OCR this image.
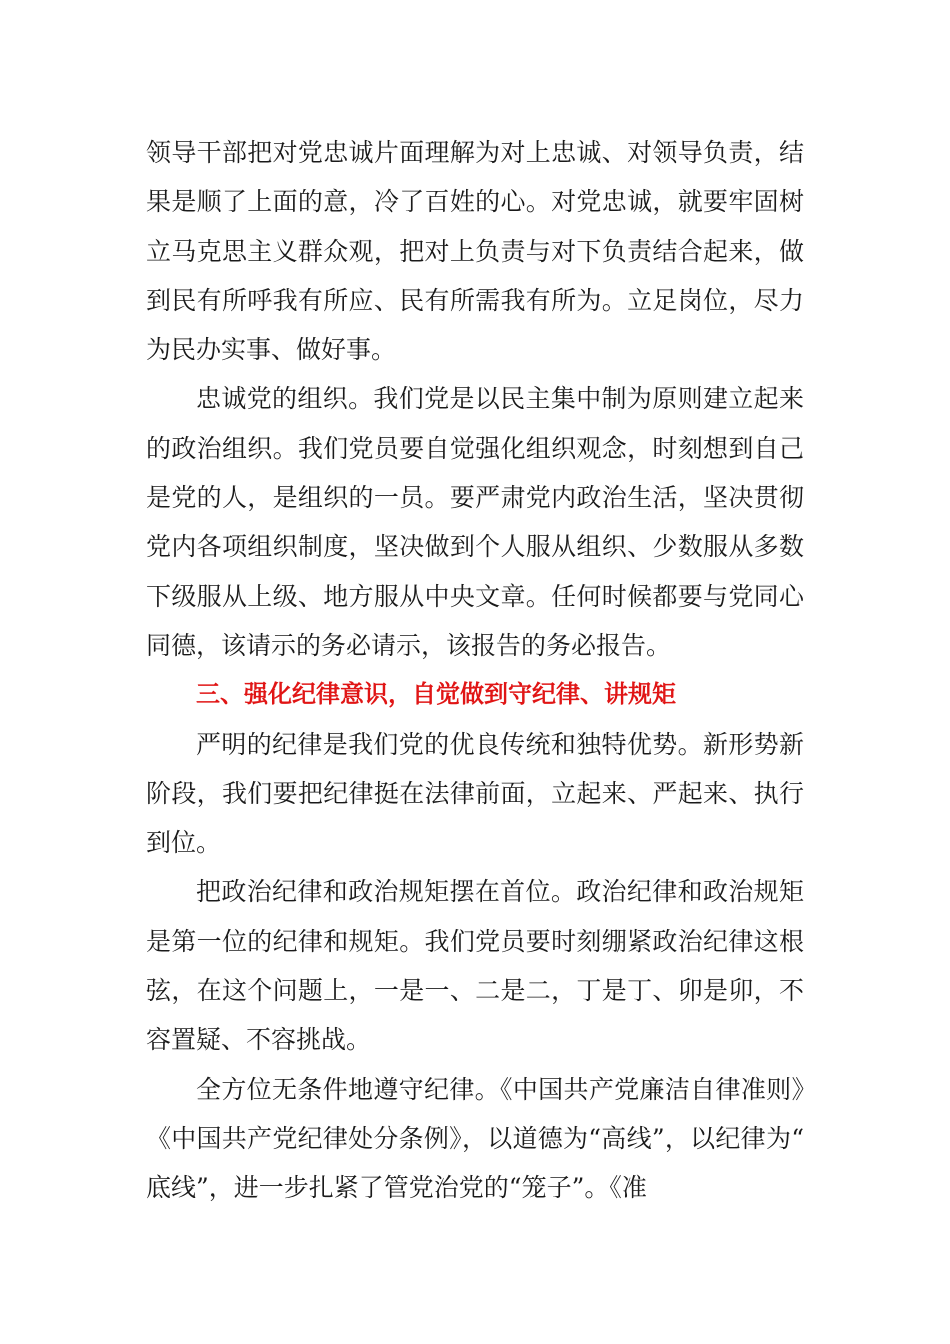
领导干部把对党忠诚片面理解为对上忠诚、对领导负责，结果是顺了上面的意，冷了百姓的心。对党忠诚，就要牢固树立马克思主义群众观，把对上负责与对下负责结合起来，做到民有所呼我有所应、民有所需我有所为。立足岗位，尽力为民办实事、做好事。

忠诚党的组织。我们党是以民主集中制为原则建立起来的政治组织。我们党员要自觉强化组织观念，时刻想到自己是党的人，是组织的一员。要严肃党内政治生活，坚决贯彻党内各项组织制度，坚决做到个人服从组织、少数服从多数下级服从上级、地方服从中央文章。任何时候都要与党同心同德，该请示的务必请示，该报告的务必报告。

三、强化纪律意识，自觉做到守纪律、讲规矩

严明的纪律是我们党的优良传统和独特优势。新形势新阶段，我们要把纪律挺在法律前面，立起来、严起来、执行到位。

把政治纪律和政治规矩摆在首位。政治纪律和政治规矩是第一位的纪律和规矩。我们党员要时刻绷紧政治纪律这根弦，在这个问题上，一是一、二是二，丁是丁、卯是卯，不容置疑、不容挑战。

全方位无条件地遵守纪律。《中国共产党廉洁自律准则》《中国共产党纪律处分条例》，以道德为“高线”，以纪律为“底线”，进一步扎紧了管党治党的“笼子”。《准
